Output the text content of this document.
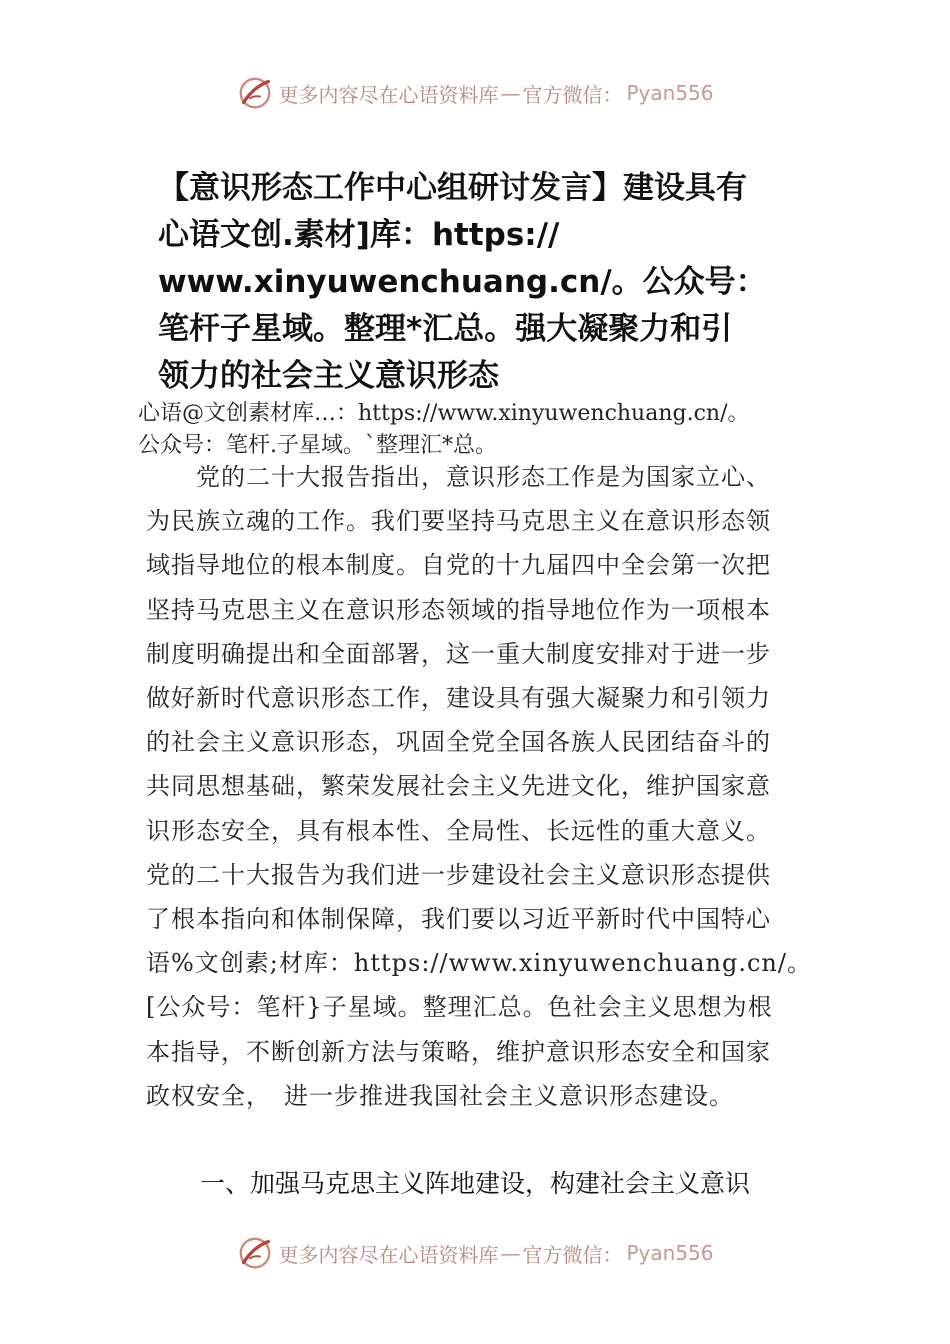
更多内容尽在心语资料库 — 官方微信： Pyan556
【意识形态工作中心组研讨发言】建设具有
心语文创.素材]库：https://
www.xinyuwenchuang.cn/。公众号：
笔杆子星域。整理*汇总。强大凝聚力和引
领力的社会主义意识形态
心语@文创素材库…：https://www.xinyuwenchuang.cn/。
公众号：笔杆.子星域。`整理汇*总。
　　党的二十大报告指出，意识形态工作是为国家立心、
为民族立魂的工作。我们要坚持马克思主义在意识形态领
域指导地位的根本制度。自党的十九届四中全会第一次把
坚持马克思主义在意识形态领域的指导地位作为一项根本
制度明确提出和全面部署，这一重大制度安排对于进一步
做好新时代意识形态工作，建设具有强大凝聚力和引领力
的社会主义意识形态，巩固全党全国各族人民团结奋斗的
共同思想基础，繁荣发展社会主义先进文化，维护国家意
识形态安全，具有根本性、全局性、长远性的重大意义。
党的二十大报告为我们进一步建设社会主义意识形态提供
了根本指向和体制保障，我们要以习近平新时代中国特心
语%文创素;材库：https://www.xinyuwenchuang.cn/。
[公众号：笔杆}子星域。整理汇总。色社会主义思想为根
本指导，不断创新方法与策略，维护意识形态安全和国家
政权安全，　进一步推进我国社会主义意识形态建设。
一、加强马克思主义阵地建设，构建社会主义意识
更多内容尽在心语资料库 — 官方微信： Pyan556
